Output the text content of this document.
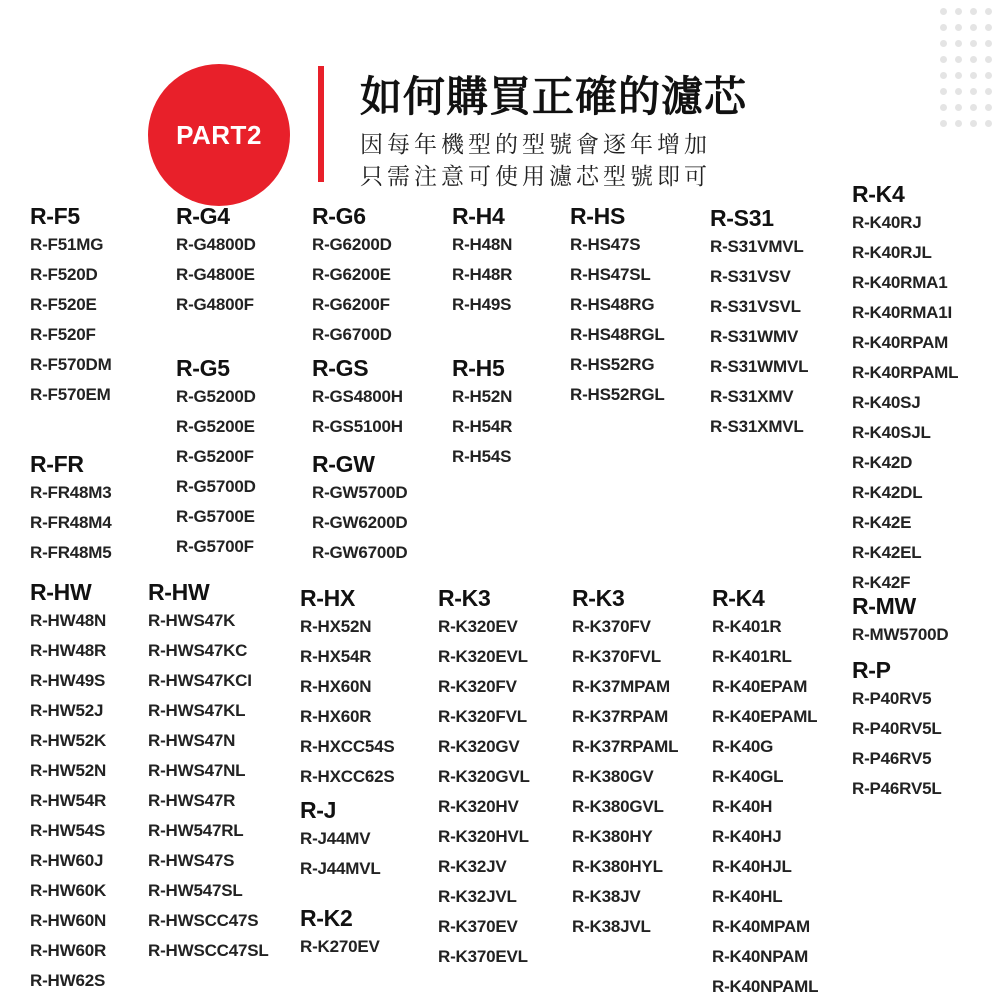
PART2
如何購買正確的濾芯
因每年機型的型號會逐年增加
只需注意可使用濾芯型號即可
R-F5
R-F51MG
R-F520D
R-F520E
R-F520F
R-F570DM
R-F570EM
R-FR
R-FR48M3
R-FR48M4
R-FR48M5
R-G4
R-G4800D
R-G4800E
R-G4800F
R-G5
R-G5200D
R-G5200E
R-G5200F
R-G5700D
R-G5700E
R-G5700F
R-G6
R-G6200D
R-G6200E
R-G6200F
R-G6700D
R-GS
R-GS4800H
R-GS5100H
R-GW
R-GW5700D
R-GW6200D
R-GW6700D
R-H4
R-H48N
R-H48R
R-H49S
R-H5
R-H52N
R-H54R
R-H54S
R-HS
R-HS47S
R-HS47SL
R-HS48RG
R-HS48RGL
R-HS52RG
R-HS52RGL
R-S31
R-S31VMVL
R-S31VSV
R-S31VSVL
R-S31WMV
R-S31WMVL
R-S31XMV
R-S31XMVL
R-K4
R-K40RJ
R-K40RJL
R-K40RMA1
R-K40RMA1I
R-K40RPAM
R-K40RPAML
R-K40SJ
R-K40SJL
R-K42D
R-K42DL
R-K42E
R-K42EL
R-K42F
R-MW
R-MW5700D
R-P
R-P40RV5
R-P40RV5L
R-P46RV5
R-P46RV5L
R-HW
R-HW48N
R-HW48R
R-HW49S
R-HW52J
R-HW52K
R-HW52N
R-HW54R
R-HW54S
R-HW60J
R-HW60K
R-HW60N
R-HW60R
R-HW62S
R-HW
R-HWS47K
R-HWS47KC
R-HWS47KCI
R-HWS47KL
R-HWS47N
R-HWS47NL
R-HWS47R
R-HW547RL
R-HWS47S
R-HW547SL
R-HWSCC47S
R-HWSCC47SL
R-HX
R-HX52N
R-HX54R
R-HX60N
R-HX60R
R-HXCC54S
R-HXCC62S
R-J
R-J44MV
R-J44MVL
R-K2
R-K270EV
R-K3
R-K320EV
R-K320EVL
R-K320FV
R-K320FVL
R-K320GV
R-K320GVL
R-K320HV
R-K320HVL
R-K32JV
R-K32JVL
R-K370EV
R-K370EVL
R-K3
R-K370FV
R-K370FVL
R-K37MPAM
R-K37RPAM
R-K37RPAML
R-K380GV
R-K380GVL
R-K380HY
R-K380HYL
R-K38JV
R-K38JVL
R-K4
R-K401R
R-K401RL
R-K40EPAM
R-K40EPAML
R-K40G
R-K40GL
R-K40H
R-K40HJ
R-K40HJL
R-K40HL
R-K40MPAM
R-K40NPAM
R-K40NPAML
